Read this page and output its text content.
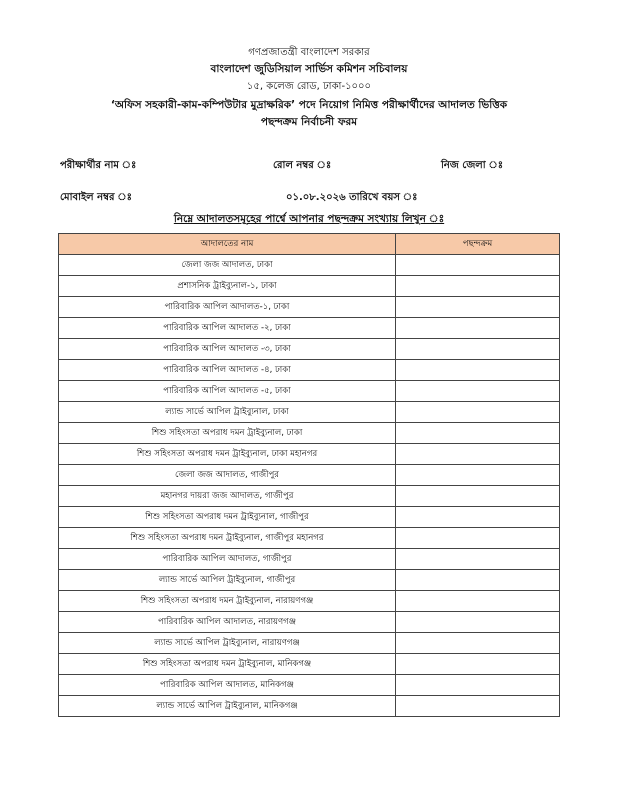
গণপ্রজাতন্ত্রী বাংলাদেশ সরকার
বাংলাদেশ জুডিসিয়াল সার্ভিস কমিশন সচিবালয়
১৫, কলেজ রোড, ঢাকা-১০০০
‘অফিস সহকারী-কাম-কম্পিউটার মুদ্রাক্ষরিক’ পদে নিয়োগ নিমিত্ত পরীক্ষার্থীদের আদালত ভিত্তিক
পছন্দক্রম নির্বাচনী ফরম
পরীক্ষার্থীর নাম ঃ	রোল নম্বর ঃ	নিজ জেলা ঃ
মোবাইল নম্বর ঃ	০১.০৮.২০২৬ তারিখে বয়স ঃ
নিম্নে আদালতসমূহের পার্শ্বে আপনার পছন্দক্রম সংখ্যায় লিখুন ঃ
আদালতের নাম	পছন্দক্রম
জেলা জজ আদালত, ঢাকা	
প্রশাসনিক ট্রাইব্যুনাল-১, ঢাকা	
পারিবারিক আপিল আদালত-১, ঢাকা	
পারিবারিক আপিল আদালত -২, ঢাকা	
পারিবারিক আপিল আদালত -৩, ঢাকা	
পারিবারিক আপিল আদালত -৪, ঢাকা	
পারিবারিক আপিল আদালত -৫, ঢাকা	
ল্যান্ড সার্ভে আপিল ট্রাইব্যুনাল, ঢাকা	
শিশু সহিংসতা অপরাধ দমন ট্রাইব্যুনাল, ঢাকা	
শিশু সহিংসতা অপরাধ দমন ট্রাইব্যুনাল, ঢাকা মহানগর	
জেলা জজ আদালত, গাজীপুর	
মহানগর দায়রা জজ আদালত, গাজীপুর	
শিশু সহিংসতা অপরাধ দমন ট্রাইব্যুনাল, গাজীপুর	
শিশু সহিংসতা অপরাধ দমন ট্রাইব্যুনাল, গাজীপুর মহানগর	
পারিবারিক আপিল আদালত, গাজীপুর	
ল্যান্ড সার্ভে আপিল ট্রাইব্যুনাল, গাজীপুর	
শিশু সহিংসতা অপরাধ দমন ট্রাইব্যুনাল, নারায়ণগঞ্জ	
পারিবারিক আপিল আদালত, নারায়ণগঞ্জ	
ল্যান্ড সার্ভে আপিল ট্রাইব্যুনাল, নারায়ণগঞ্জ	
শিশু সহিংসতা অপরাধ দমন ট্রাইব্যুনাল, মানিকগঞ্জ	
পারিবারিক আপিল আদালত, মানিকগঞ্জ	
ল্যান্ড সার্ভে আপিল ট্রাইব্যুনাল, মানিকগঞ্জ	
